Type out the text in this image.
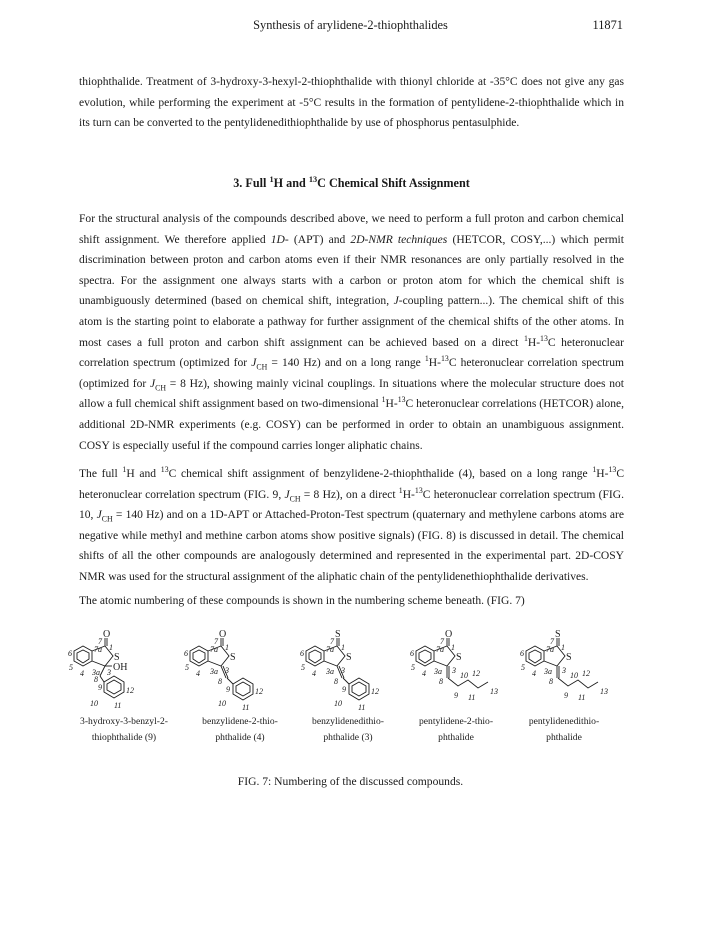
Synthesis of arylidene-2-thiophthalides	11871

thiophthalide. Treatment of 3-hydroxy-3-hexyl-2-thiophthalide with thionyl chloride at -35°C does not give any gas evolution, while performing the experiment at -5°C results in the formation of pentylidene-2-thiophthalide which in its turn can be converted to the pentylidenedithiophthalide by use of phosphorus pentasulphide.

3. Full $^1$H and $^{13}$C Chemical Shift Assignment

For the structural analysis of the compounds described above, we need to perform a full proton and carbon chemical shift assignment. We therefore applied 1D- (APT) and 2D-NMR techniques (HETCOR, COSY,...) which permit discrimination between proton and carbon atoms even if their NMR resonances are only partially resolved in the spectra. For the assignment one always starts with a carbon or proton atom for which the chemical shift is unambiguously determined (based on chemical shift, integration, J-coupling pattern...). The chemical shift of this atom is the starting point to elaborate a pathway for further assignment of the chemical shifts of the other atoms. In most cases a full proton and carbon shift assignment can be achieved based on a direct $^1$H-$^{13}$C heteronuclear correlation spectrum (optimized for $J_{CH} = 140$ Hz) and on a long range $^1$H-$^{13}$C heteronuclear correlation spectrum (optimized for $J_{CH} = 8$ Hz), showing mainly vicinal couplings. In situations where the molecular structure does not allow a full chemical shift assignment based on two-dimensional $^1$H-$^{13}$C heteronuclear correlations (HETCOR) alone, additional 2D-NMR experiments (e.g. COSY) can be performed in order to obtain an unambiguous assignment. COSY is especially useful if the compound carries longer aliphatic chains.

The full $^1$H and $^{13}$C chemical shift assignment of benzylidene-2-thiophthalide (4), based on a long range $^1$H-$^{13}$C heteronuclear correlation spectrum (FIG. 9, $J_{CH} = 8$ Hz), on a direct $^1$H-$^{13}$C heteronuclear correlation spectrum (FIG. 10, $J_{CH} = 140$ Hz) and on a 1D-APT or Attached-Proton-Test spectrum (quaternary and methylene carbons atoms are negative while methyl and methine carbon atoms show positive signals) (FIG. 8) is discussed in detail. The chemical shifts of all the other compounds are analogously determined and represented in the experimental part. 2D-COSY NMR was used for the structural assignment of the aliphatic chain of the pentylidenethiophthalide derivatives.

The atomic numbering of these compounds is shown in the numbering scheme beneath. (FIG. 7)

7
7a 1
6
5
4 3a 3
8
9
10 11
12
7
7a 1
6
5
4 3a 3
8
9
10 11
12
7
7a 1
6
5
4 3a 3
8
9
10 11
12
7
7a 1
6
5
4 3a 3
8
10
9
12
11
13
7
7a 1
6
5
4 3a 3
8
10
9
12
11
13
O
S
OH
O
S
S
S
O
S
S
S
3-hydroxy-3-benzyl-2-
thiophthalide (9)
benzylidene-2-thio-
phthalide (4)
benzylidenedithio-
phthalide (3)
pentylidene-2-thio-
phthalide
pentylidenedithio-
phthalide
FIG. 7: Numbering of the discussed compounds.
